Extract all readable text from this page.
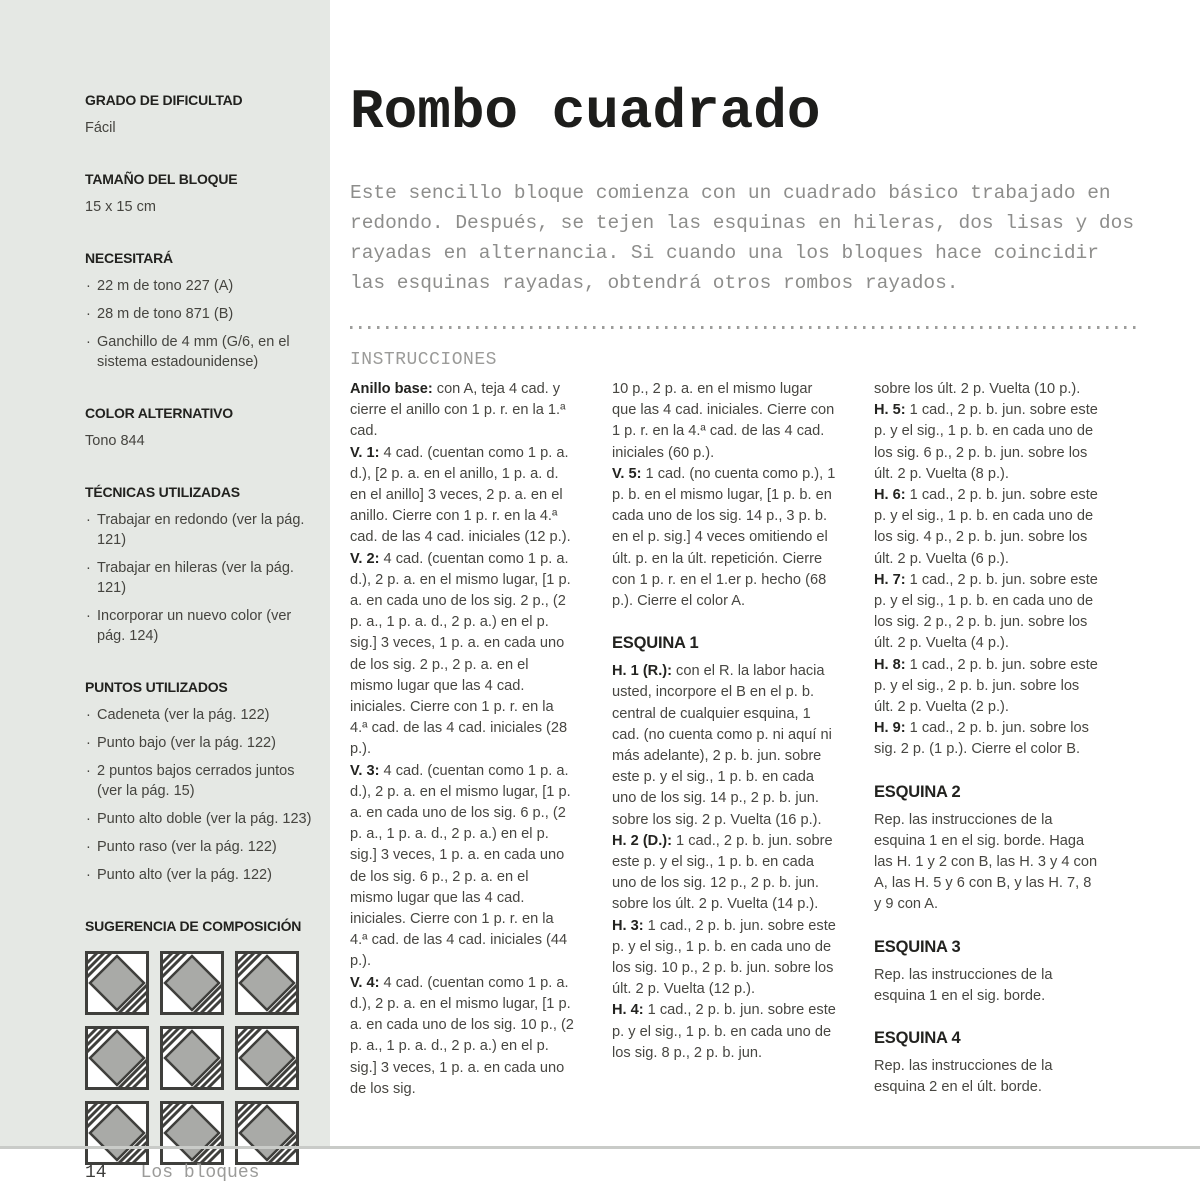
GRADO DE DIFICULTAD

Fácil

TAMAÑO DEL BLOQUE

15 x 15 cm

NECESITARÁ

· 22 m de tono 227 (A)

· 28 m de tono 871 (B)

· Ganchillo de 4 mm (G/6, en el sistema estadounidense)

COLOR ALTERNATIVO

Tono 844

TÉCNICAS UTILIZADAS

· Trabajar en redondo (ver la pág. 121)

· Trabajar en hileras (ver la pág. 121)

· Incorporar un nuevo color (ver pág. 124)

PUNTOS UTILIZADOS

· Cadeneta (ver la pág. 122)

· Punto bajo (ver la pág. 122)

· 2 puntos bajos cerrados juntos (ver la pág. 15)

· Punto alto doble (ver la pág. 123)

· Punto raso (ver la pág. 122)

· Punto alto (ver la pág. 122)

SUGERENCIA DE COMPOSICIÓN
Rombo cuadrado

Este sencillo bloque comienza con un cuadrado básico trabajado en redondo. Después, se tejen las esquinas en hileras, dos lisas y dos rayadas en alternancia. Si cuando una los bloques hace coincidir las esquinas rayadas, obtendrá otros rombos rayados.

INSTRUCCIONES

Anillo base: con A, teja 4 cad. y cierre el anillo con 1 p. r. en la 1.ª cad.

V. 1: 4 cad. (cuentan como 1 p. a. d.), [2 p. a. en el anillo, 1 p. a. d. en el anillo] 3 veces, 2 p. a. en el anillo. Cierre con 1 p. r. en la 4.ª cad. de las 4 cad. iniciales (12 p.).

V. 2: 4 cad. (cuentan como 1 p. a. d.), 2 p. a. en el mismo lugar, [1 p. a. en cada uno de los sig. 2 p., (2 p. a., 1 p. a. d., 2 p. a.) en el p. sig.] 3 veces, 1 p. a. en cada uno de los sig. 2 p., 2 p. a. en el mismo lugar que las 4 cad. iniciales. Cierre con 1 p. r. en la 4.ª cad. de las 4 cad. iniciales (28 p.).

V. 3: 4 cad. (cuentan como 1 p. a. d.), 2 p. a. en el mismo lugar, [1 p. a. en cada uno de los sig. 6 p., (2 p. a., 1 p. a. d., 2 p. a.) en el p. sig.] 3 veces, 1 p. a. en cada uno de los sig. 6 p., 2 p. a. en el mismo lugar que las 4 cad. iniciales. Cierre con 1 p. r. en la 4.ª cad. de las 4 cad. iniciales (44 p.).

V. 4: 4 cad. (cuentan como 1 p. a. d.), 2 p. a. en el mismo lugar, [1 p. a. en cada uno de los sig. 10 p., (2 p. a., 1 p. a. d., 2 p. a.) en el p. sig.] 3 veces, 1 p. a. en cada uno de los sig.

10 p., 2 p. a. en el mismo lugar que las 4 cad. iniciales. Cierre con 1 p. r. en la 4.ª cad. de las 4 cad. iniciales (60 p.).

V. 5: 1 cad. (no cuenta como p.), 1 p. b. en el mismo lugar, [1 p. b. en cada uno de los sig. 14 p., 3 p. b. en el p. sig.] 4 veces omitiendo el últ. p. en la últ. repetición. Cierre con 1 p. r. en el 1.er p. hecho (68 p.). Cierre el color A.

ESQUINA 1

H. 1 (R.): con el R. la labor hacia usted, incorpore el B en el p. b. central de cualquier esquina, 1 cad. (no cuenta como p. ni aquí ni más adelante), 2 p. b. jun. sobre este p. y el sig., 1 p. b. en cada uno de los sig. 14 p., 2 p. b. jun. sobre los sig. 2 p. Vuelta (16 p.).

H. 2 (D.): 1 cad., 2 p. b. jun. sobre este p. y el sig., 1 p. b. en cada uno de los sig. 12 p., 2 p. b. jun. sobre los últ. 2 p. Vuelta (14 p.).

H. 3: 1 cad., 2 p. b. jun. sobre este p. y el sig., 1 p. b. en cada uno de los sig. 10 p., 2 p. b. jun. sobre los últ. 2 p. Vuelta (12 p.).

H. 4: 1 cad., 2 p. b. jun. sobre este p. y el sig., 1 p. b. en cada uno de los sig. 8 p., 2 p. b. jun.

sobre los últ. 2 p. Vuelta (10 p.).

H. 5: 1 cad., 2 p. b. jun. sobre este p. y el sig., 1 p. b. en cada uno de los sig. 6 p., 2 p. b. jun. sobre los últ. 2 p. Vuelta (8 p.).

H. 6: 1 cad., 2 p. b. jun. sobre este p. y el sig., 1 p. b. en cada uno de los sig. 4 p., 2 p. b. jun. sobre los últ. 2 p. Vuelta (6 p.).

H. 7: 1 cad., 2 p. b. jun. sobre este p. y el sig., 1 p. b. en cada uno de los sig. 2 p., 2 p. b. jun. sobre los últ. 2 p. Vuelta (4 p.).

H. 8: 1 cad., 2 p. b. jun. sobre este p. y el sig., 2 p. b. jun. sobre los últ. 2 p. Vuelta (2 p.).

H. 9: 1 cad., 2 p. b. jun. sobre los sig. 2 p. (1 p.). Cierre el color B.

ESQUINA 2

Rep. las instrucciones de la esquina 1 en el sig. borde. Haga las H. 1 y 2 con B, las H. 3 y 4 con A, las H. 5 y 6 con B, y las H. 7, 8 y 9 con A.

ESQUINA 3

Rep. las instrucciones de la esquina 1 en el sig. borde.

ESQUINA 4

Rep. las instrucciones de la esquina 2 en el últ. borde.

14 Los bloques
